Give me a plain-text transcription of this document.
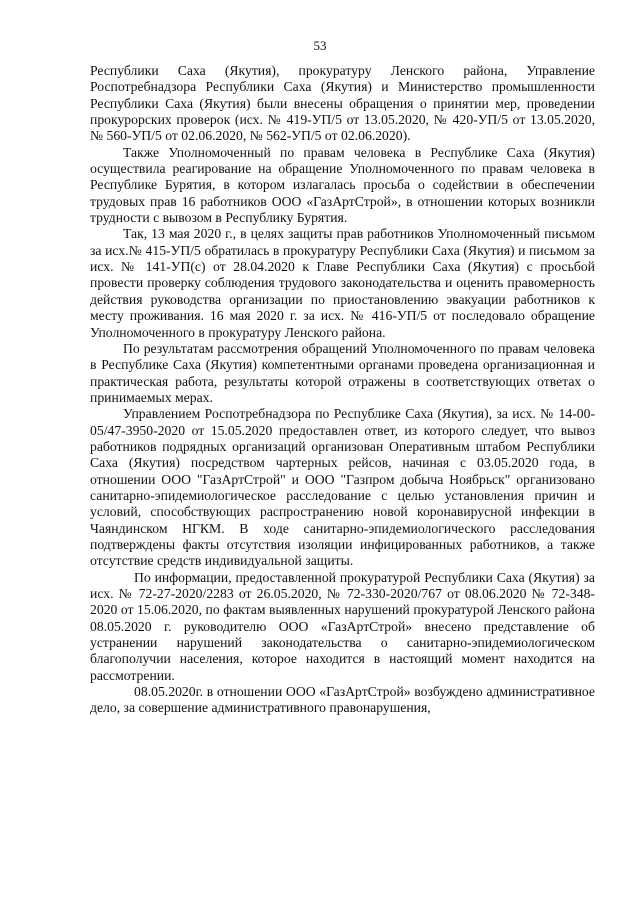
53

Республики Саха (Якутия), прокуратуру Ленского района, Управление Роспотребнадзора Республики Саха (Якутия) и Министерство промышленности Республики Саха (Якутия) были внесены обращения о принятии мер, проведении прокурорских проверок (исх. № 419-УП/5 от 13.05.2020, № 420-УП/5 от 13.05.2020, № 560-УП/5 от 02.06.2020, № 562-УП/5 от 02.06.2020).

Также Уполномоченный по правам человека в Республике Саха (Якутия) осуществила реагирование на обращение Уполномоченного по правам человека в Республике Бурятия, в котором излагалась просьба о содействии в обеспечении трудовых прав 16 работников ООО «ГазАртСтрой», в отношении которых возникли трудности с вывозом в Республику Бурятия.

Так, 13 мая 2020 г., в целях защиты прав работников Уполномоченный письмом за исх.№ 415-УП/5 обратилась в прокуратуру Республики Саха (Якутия) и письмом за исх. № 141-УП(с) от 28.04.2020 к Главе Республики Саха (Якутия) с просьбой провести проверку соблюдения трудового законодательства и оценить правомерность действия руководства организации по приостановлению эвакуации работников к месту проживания. 16 мая 2020 г. за исх. № 416-УП/5 от последовало обращение Уполномоченного в прокуратуру Ленского района.

По результатам рассмотрения обращений Уполномоченного по правам человека в Республике Саха (Якутия) компетентными органами проведена организационная и практическая работа, результаты которой отражены в соответствующих ответах о принимаемых мерах.

Управлением Роспотребнадзора по Республике Саха (Якутия), за исх. № 14-00-05/47-3950-2020 от 15.05.2020 предоставлен ответ, из которого следует, что вывоз работников подрядных организаций организован Оперативным штабом Республики Саха (Якутия) посредством чартерных рейсов, начиная с 03.05.2020 года, в отношении ООО "ГазАртСтрой" и ООО "Газпром добыча Ноябрьск" организовано санитарно-эпидемиологическое расследование с целью установления причин и условий, способствующих распространению новой коронавирусной инфекции в Чаяндинском НГКМ. В ходе санитарно-эпидемиологического расследования подтверждены факты отсутствия изоляции инфицированных работников, а также отсутствие средств индивидуальной защиты.

По информации, предоставленной прокуратурой Республики Саха (Якутия) за исх. № 72-27-2020/2283 от 26.05.2020, № 72-330-2020/767 от 08.06.2020 № 72-348-2020 от 15.06.2020, по фактам выявленных нарушений прокуратурой Ленского района 08.05.2020 г. руководителю ООО «ГазАртСтрой» внесено представление об устранении нарушений законодательства о санитарно-эпидемиологическом благополучии населения, которое находится в настоящий момент находится на рассмотрении.

08.05.2020г. в отношении ООО «ГазАртСтрой» возбуждено административное дело, за совершение административного правонарушения,
